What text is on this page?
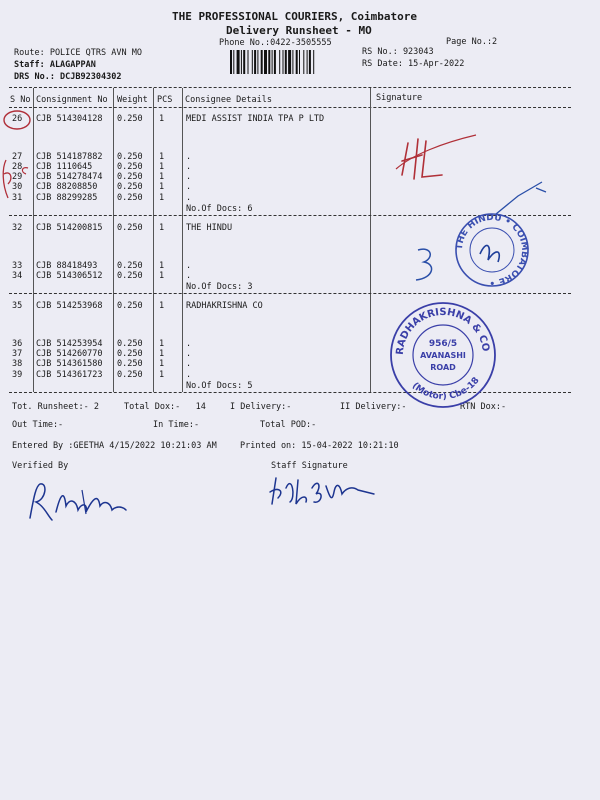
THE PROFESSIONAL COURIERS, Coimbatore
Delivery Runsheet - MO
Phone No.:0422-3505555	Page No.:2
Route: POLICE QTRS AVN MO
Staff: ALAGAPPAN
DRS No.: DCJB92304302
RS No.: 923043
RS Date: 15-Apr-2022
S No Consignment No Weight PCS Consignee Details	Signature
26 CJB 514304128 0.250 1	MEDI ASSIST INDIA TPA P LTD
27 CJB 514187882 0.250 1	.
28 CJB 1110645	0.250 1	.
29 CJB 514278474 0.250 1	.
30 CJB 88208850 0.250 1	.
31 CJB 88299285 0.250 1	.
No.Of Docs: 6
32 CJB 514200815 0.250 1	THE HINDU
33 CJB 88418493 0.250 1	.
34 CJB 514306512 0.250 1	.
No.Of Docs: 3
35 CJB 514253968 0.250 1	RADHAKRISHNA CO
36 CJB 514253954 0.250 1	.
37 CJB 514260770 0.250 1	.
38 CJB 514361580 0.250 1	.
39 CJB 514361723 0.250 1	.
No.Of Docs: 5
Tot. Runsheet:- 2	Total Dox:-   14	I Delivery:-	II Delivery:-	RTN Dox:-
Out Time:-	In Time:-	Total POD:-
Entered By :GEETHA 4/15/2022 10:21:03 AM	Printed on: 15-04-2022 10:21:10
Verified By	Staff Signature
THE HINDU • COIMBATORE •
RADHAKRISHNA & CO
(Motor) Cbe-18
956/5
AVANASHI
ROAD
